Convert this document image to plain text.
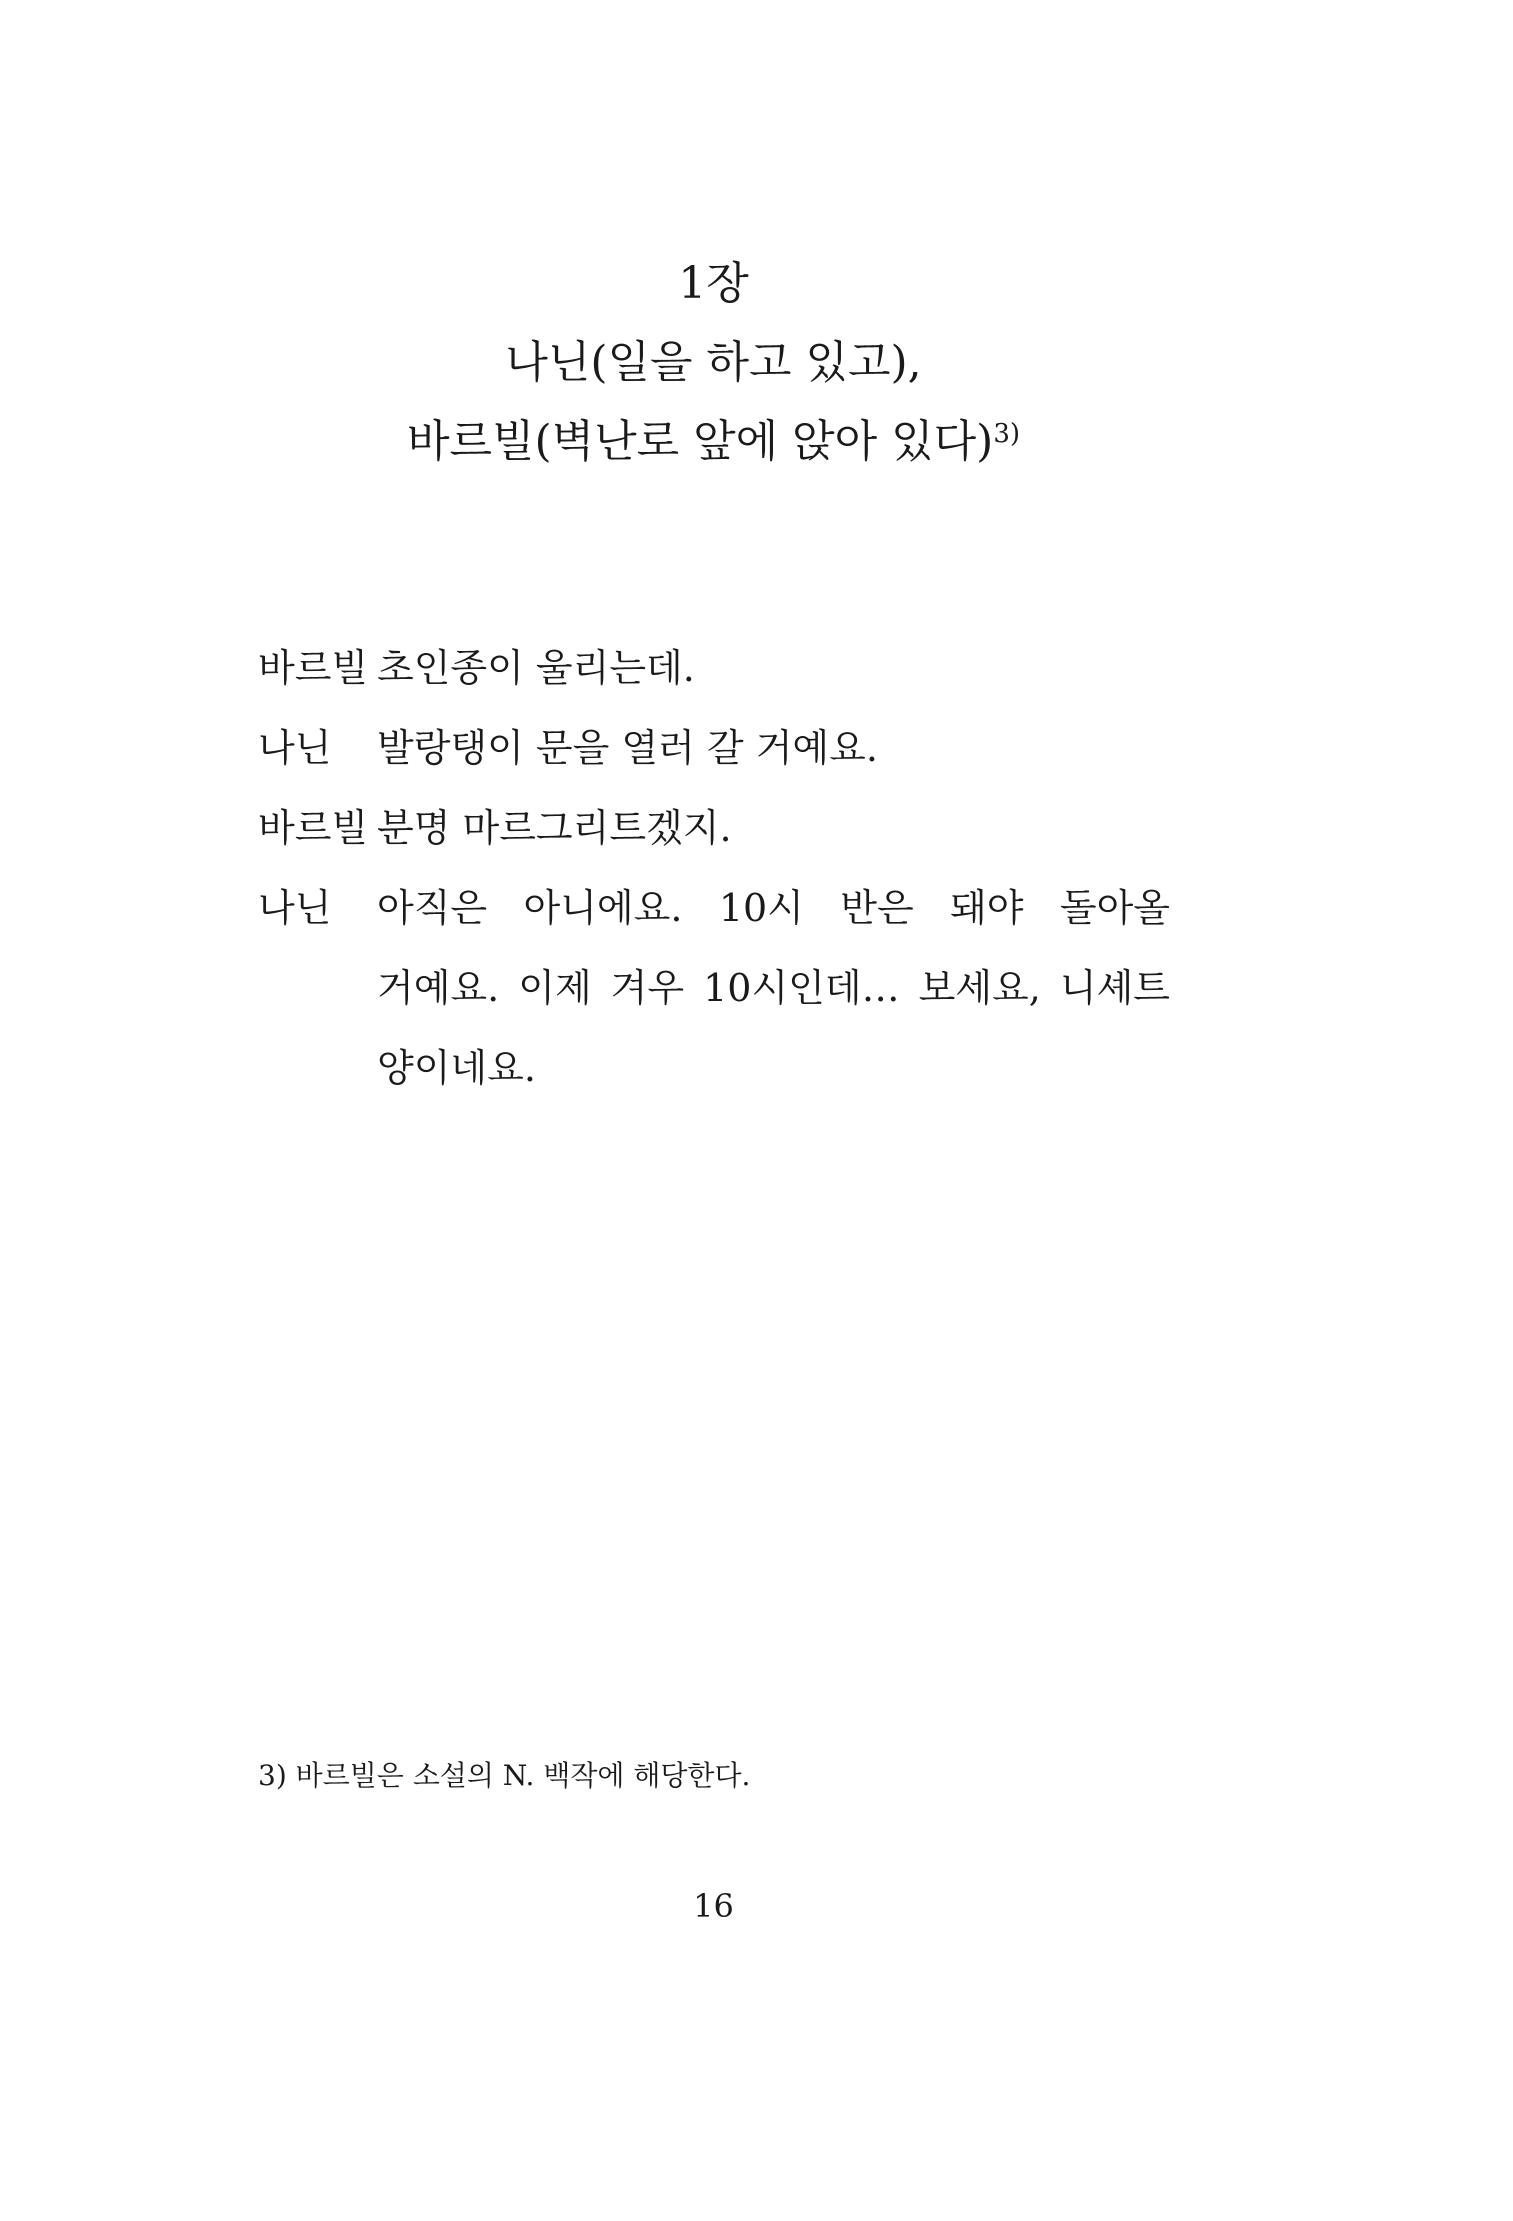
1장
나닌(일을 하고 있고),
바르빌(벽난로 앞에 앉아 있다)$^{3)}$
바르빌 초인종이 울리는데.
나닌	발랑탱이 문을 열러 갈 거예요.
바르빌 분명 마르그리트겠지.
나닌	아직은 아니에요. 10시 반은 돼야 돌아올 거예요. 이제 겨우 10시인데… 보세요, 니셰트 양이네요.
3) 바르빌은 소설의 N. 백작에 해당한다.
16
